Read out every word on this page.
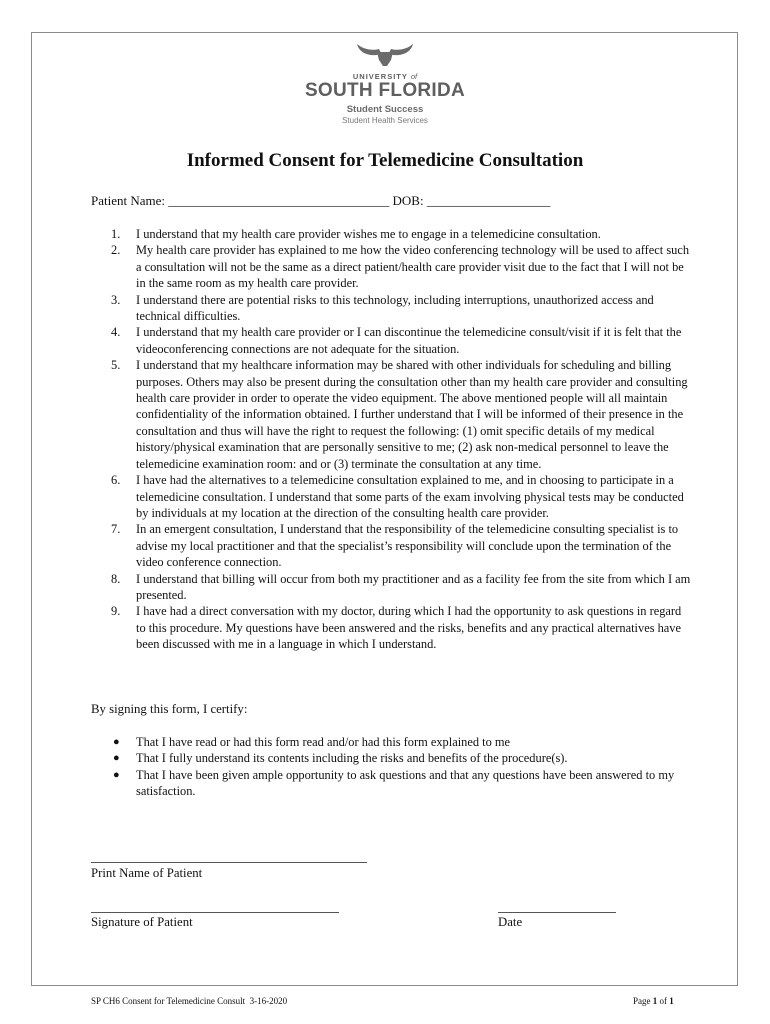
UNIVERSITY of
SOUTH FLORIDA
Student Success
Student Health Services
Informed Consent for Telemedicine Consultation
Patient Name: __________________________________ DOB: ___________________
1. I understand that my health care provider wishes me to engage in a telemedicine consultation.
2. My health care provider has explained to me how the video conferencing technology will be used to affect such a consultation will not be the same as a direct patient/health care provider visit due to the fact that I will not be in the same room as my health care provider.
3. I understand there are potential risks to this technology, including interruptions, unauthorized access and technical difficulties.
4. I understand that my health care provider or I can discontinue the telemedicine consult/visit if it is felt that the videoconferencing connections are not adequate for the situation.
5. I understand that my healthcare information may be shared with other individuals for scheduling and billing purposes. Others may also be present during the consultation other than my health care provider and consulting health care provider in order to operate the video equipment. The above mentioned people will all maintain confidentiality of the information obtained. I further understand that I will be informed of their presence in the consultation and thus will have the right to request the following: (1) omit specific details of my medical history/physical examination that are personally sensitive to me; (2) ask non-medical personnel to leave the telemedicine examination room: and or (3) terminate the consultation at any time.
6. I have had the alternatives to a telemedicine consultation explained to me, and in choosing to participate in a telemedicine consultation. I understand that some parts of the exam involving physical tests may be conducted by individuals at my location at the direction of the consulting health care provider.
7. In an emergent consultation, I understand that the responsibility of the telemedicine consulting specialist is to advise my local practitioner and that the specialist’s responsibility will conclude upon the termination of the video conference connection.
8. I understand that billing will occur from both my practitioner and as a facility fee from the site from which I am presented.
9. I have had a direct conversation with my doctor, during which I had the opportunity to ask questions in regard to this procedure. My questions have been answered and the risks, benefits and any practical alternatives have been discussed with me in a language in which I understand.
By signing this form, I certify:
● That I have read or had this form read and/or had this form explained to me
● That I fully understand its contents including the risks and benefits of the procedure(s).
● That I have been given ample opportunity to ask questions and that any questions have been answered to my satisfaction.
Print Name of Patient
Signature of Patient	Date
SP CH6 Consent for Telemedicine Consult  3-16-2020	Page 1 of 1
